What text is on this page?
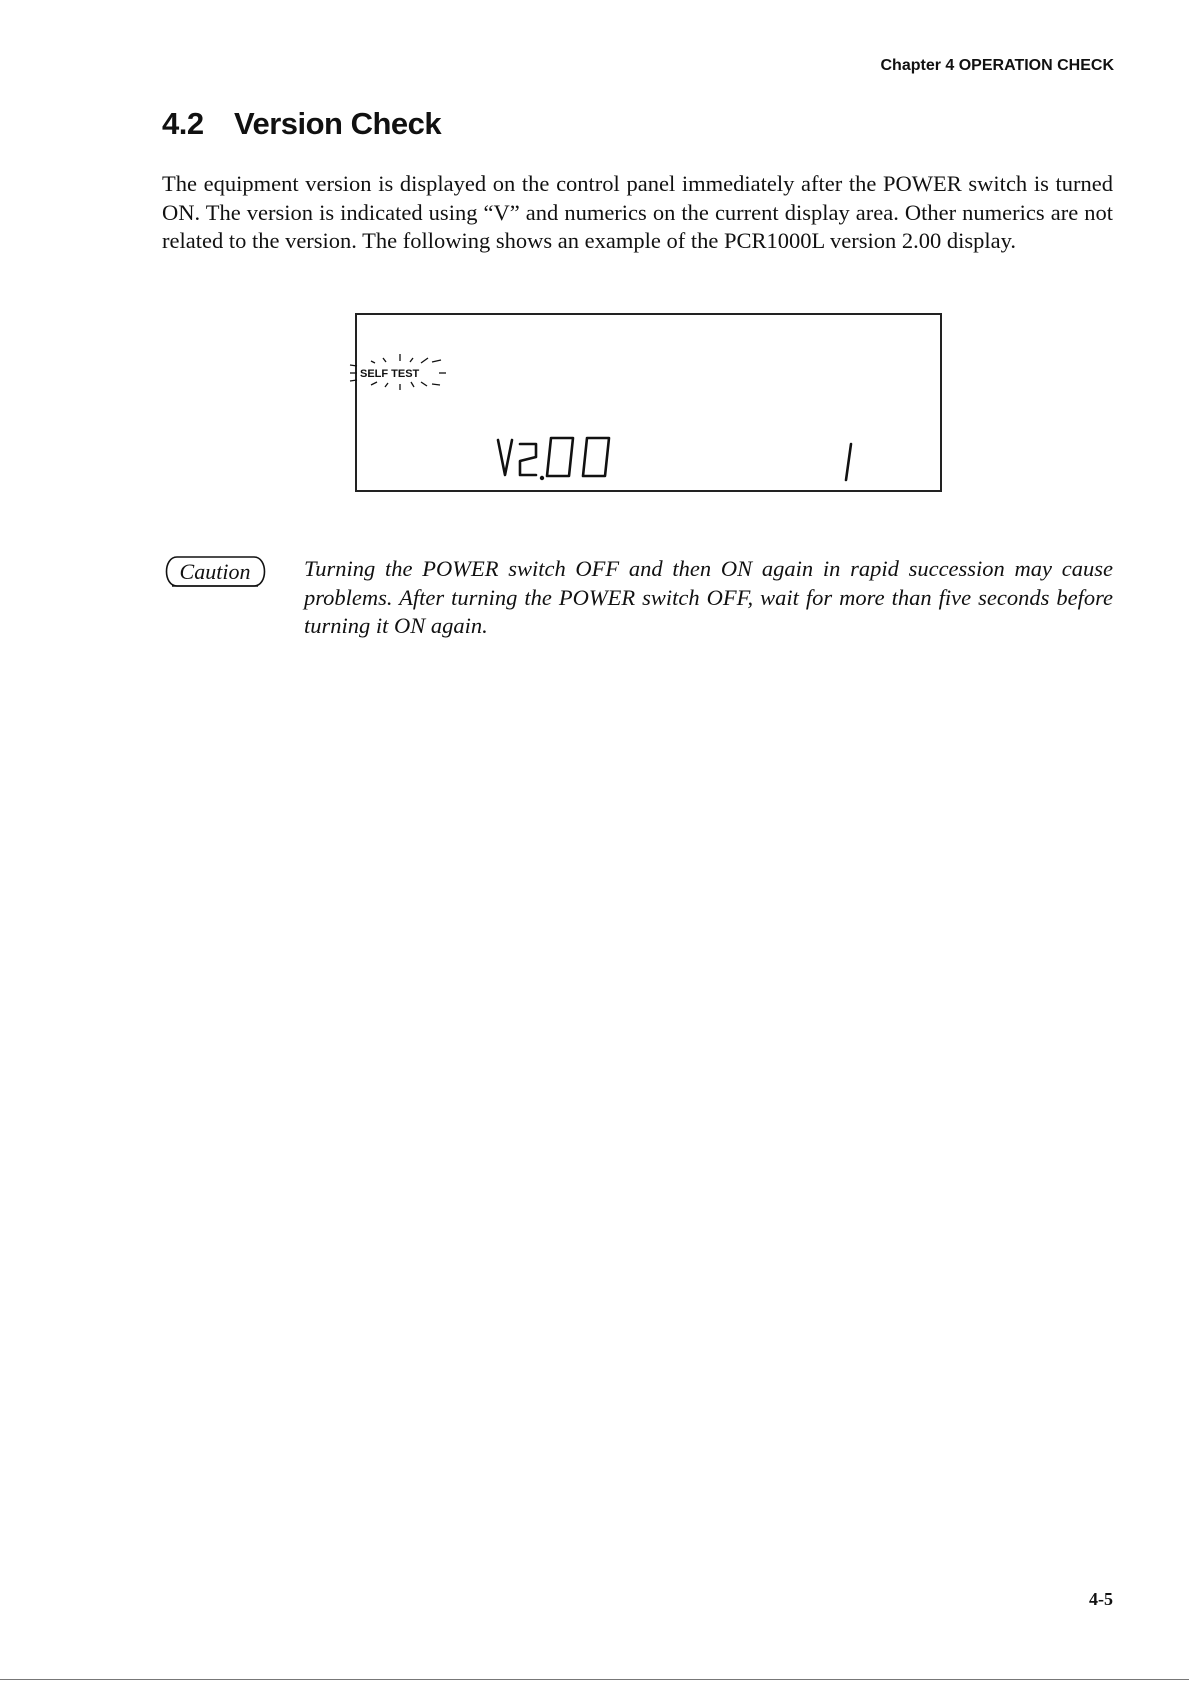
Chapter 4 OPERATION CHECK
4.2 Version Check

The equipment version is displayed on the control panel immediately after the POWER switch is turned ON. The version is indicated using “V” and numerics on the current display area. Other numerics are not related to the version. The following shows an example of the PCR1000L version 2.00 display.

SELF TEST
Caution Turning the POWER switch OFF and then ON again in rapid succession may cause problems. After turning the POWER switch OFF, wait for more than five seconds before turning it ON again.

4-5
